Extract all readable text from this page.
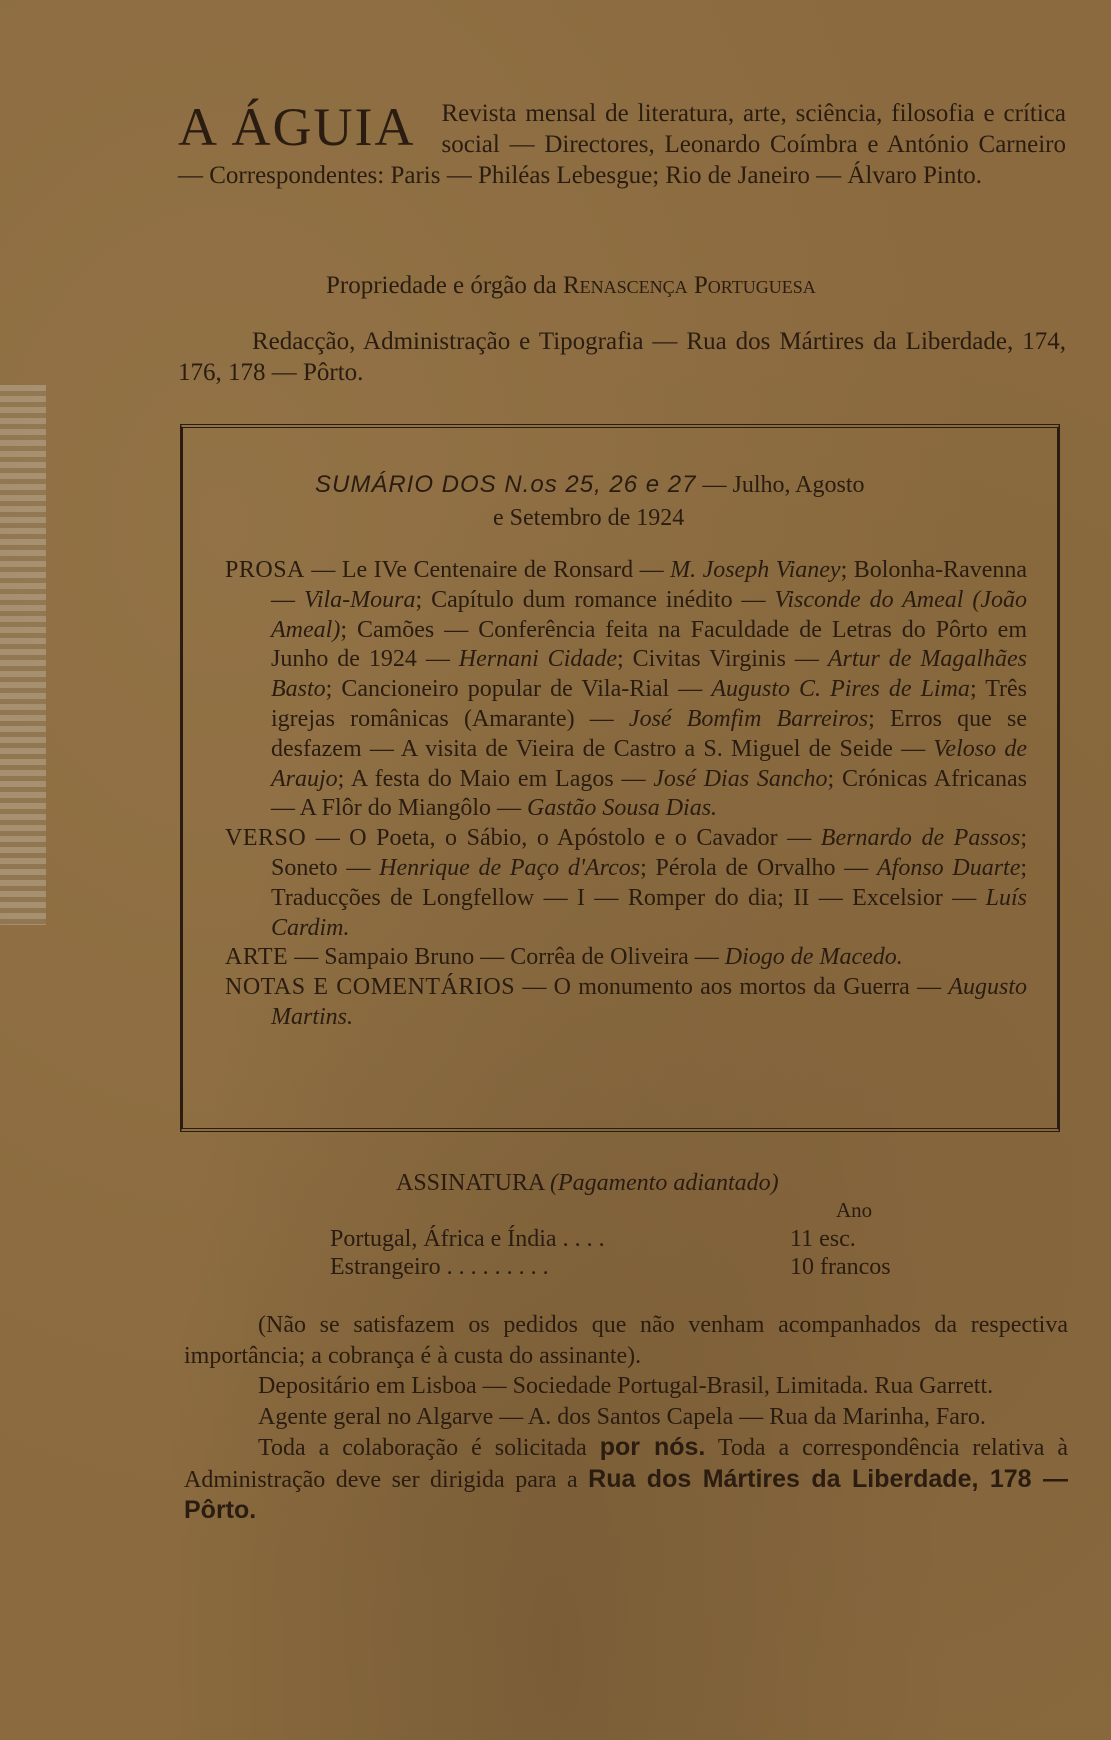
A ÁGUIA	Revista mensal de literatura, arte, sciência, filosofia e crítica social — Directores, Leonardo Coímbra e António Carneiro — Correspondentes: Paris — Philéas Lebesgue; Rio de Janeiro — Álvaro Pinto.

Propriedade e órgão da Renascença Portuguesa

Redacção, Administração e Tipografia — Rua dos Mártires da Liberdade, 174, 176, 178 — Pôrto.

SUMÁRIO DOS N.os 25, 26 e 27 — Julho, Agosto
e Setembro de 1924

PROSA — Le IVe Centenaire de Ronsard — M. Joseph Vianey; Bolonha-Ravenna — Vila-Moura; Capítulo dum romance inédito — Visconde do Ameal (João Ameal); Camões — Conferência feita na Faculdade de Letras do Pôrto em Junho de 1924 — Hernani Cidade; Civitas Virginis — Artur de Magalhães Basto; Cancioneiro popular de Vila-Rial — Augusto C. Pires de Lima; Três igrejas românicas (Amarante) — José Bomfim Barreiros; Erros que se desfazem — A visita de Vieira de Castro a S. Miguel de Seide — Veloso de Araujo; A festa do Maio em Lagos — José Dias Sancho; Crónicas Africanas — A Flôr do Miangôlo — Gastão Sousa Dias.

VERSO — O Poeta, o Sábio, o Apóstolo e o Cavador — Bernardo de Passos; Soneto — Henrique de Paço d'Arcos; Pérola de Orvalho — Afonso Duarte; Traducções de Longfellow — I — Romper do dia; II — Excelsior — Luís Cardim.

ARTE — Sampaio Bruno — Corrêa de Oliveira — Diogo de Macedo.

NOTAS E COMENTÁRIOS — O monumento aos mortos da Guerra — Augusto Martins.

ASSINATURA (Pagamento adiantado)
Ano
Portugal, África e Índia . . . .	11 esc.
Estrangeiro . . . . . . . . .	10 francos

(Não se satisfazem os pedidos que não venham acompanhados da respectiva importância; a cobrança é à custa do assinante).

Depositário em Lisboa — Sociedade Portugal-Brasil, Limitada. Rua Garrett.

Agente geral no Algarve — A. dos Santos Capela — Rua da Marinha, Faro.

Toda a colaboração é solicitada por nós. Toda a correspondência relativa à Administração deve ser dirigida para a Rua dos Mártires da Liberdade, 178 — Pôrto.
